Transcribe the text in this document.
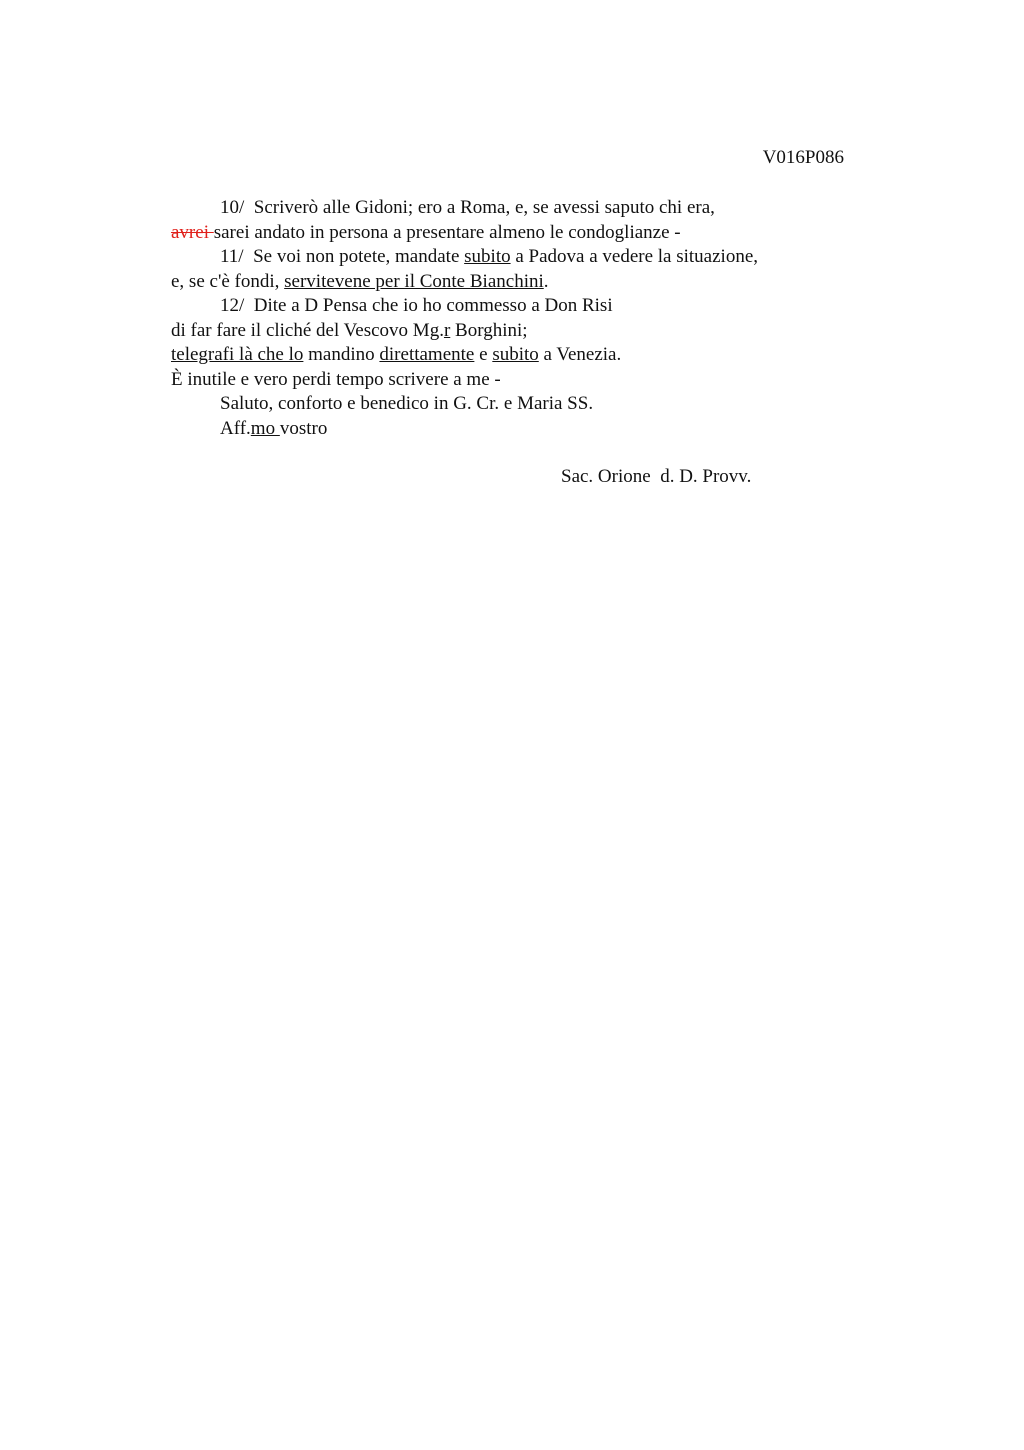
V016P086
10/  Scriverò alle Gidoni; ero a Roma, e, se avessi saputo chi era,
avrei sarei andato in persona a presentare almeno le condoglianze -
11/  Se voi non potete, mandate subito a Padova a vedere la situazione,
e, se c'è fondi, servitevene per il Conte Bianchini.
12/  Dite a D Pensa che io ho commesso a Don Risi
di far fare il cliché del Vescovo Mg.r Borghini;
telegrafi là che lo mandino direttamente e subito a Venezia.
È inutile e vero perdi tempo scrivere a me -
Saluto, conforto e benedico in G. Cr. e Maria SS.
Aff.mo vostro
Sac. Orione  d. D. Provv.
